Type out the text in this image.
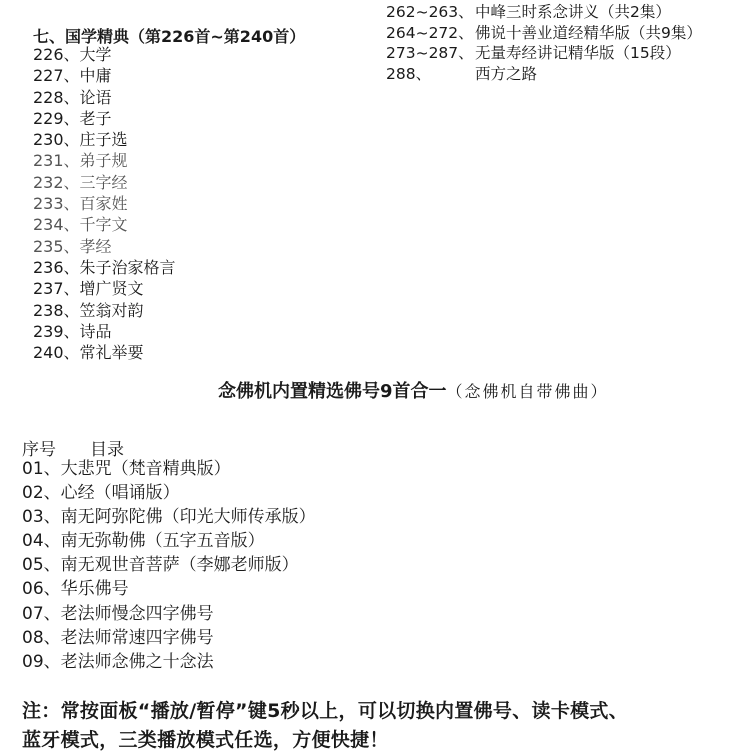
七、国学精典（第226首~第240首）
226、大学
227、中庸
228、论语
229、老子
230、庄子选
231、弟子规
232、三字经
233、百家姓
234、千字文
235、孝经
236、朱子治家格言
237、增广贤文
238、笠翁对韵
239、诗品
240、常礼举要
262~263、 中峰三时系念讲义（共2集）
264~272、 佛说十善业道经精华版（共9集）
273~287、 无量寿经讲记精华版（15段）
288、	西方之路
念佛机内置精选佛号9首合一（念佛机自带佛曲）
序号 目录
01、大悲咒（梵音精典版）
02、心经（唱诵版）
03、南无阿弥陀佛（印光大师传承版）
04、南无弥勒佛（五字五音版）
05、南无观世音菩萨（李娜老师版）
06、华乐佛号
07、老法师慢念四字佛号
08、老法师常速四字佛号
09、老法师念佛之十念法
注：常按面板“播放/暂停”键5秒以上，可以切换内置佛号、读卡模式、
蓝牙模式，三类播放模式任选，方便快捷！
